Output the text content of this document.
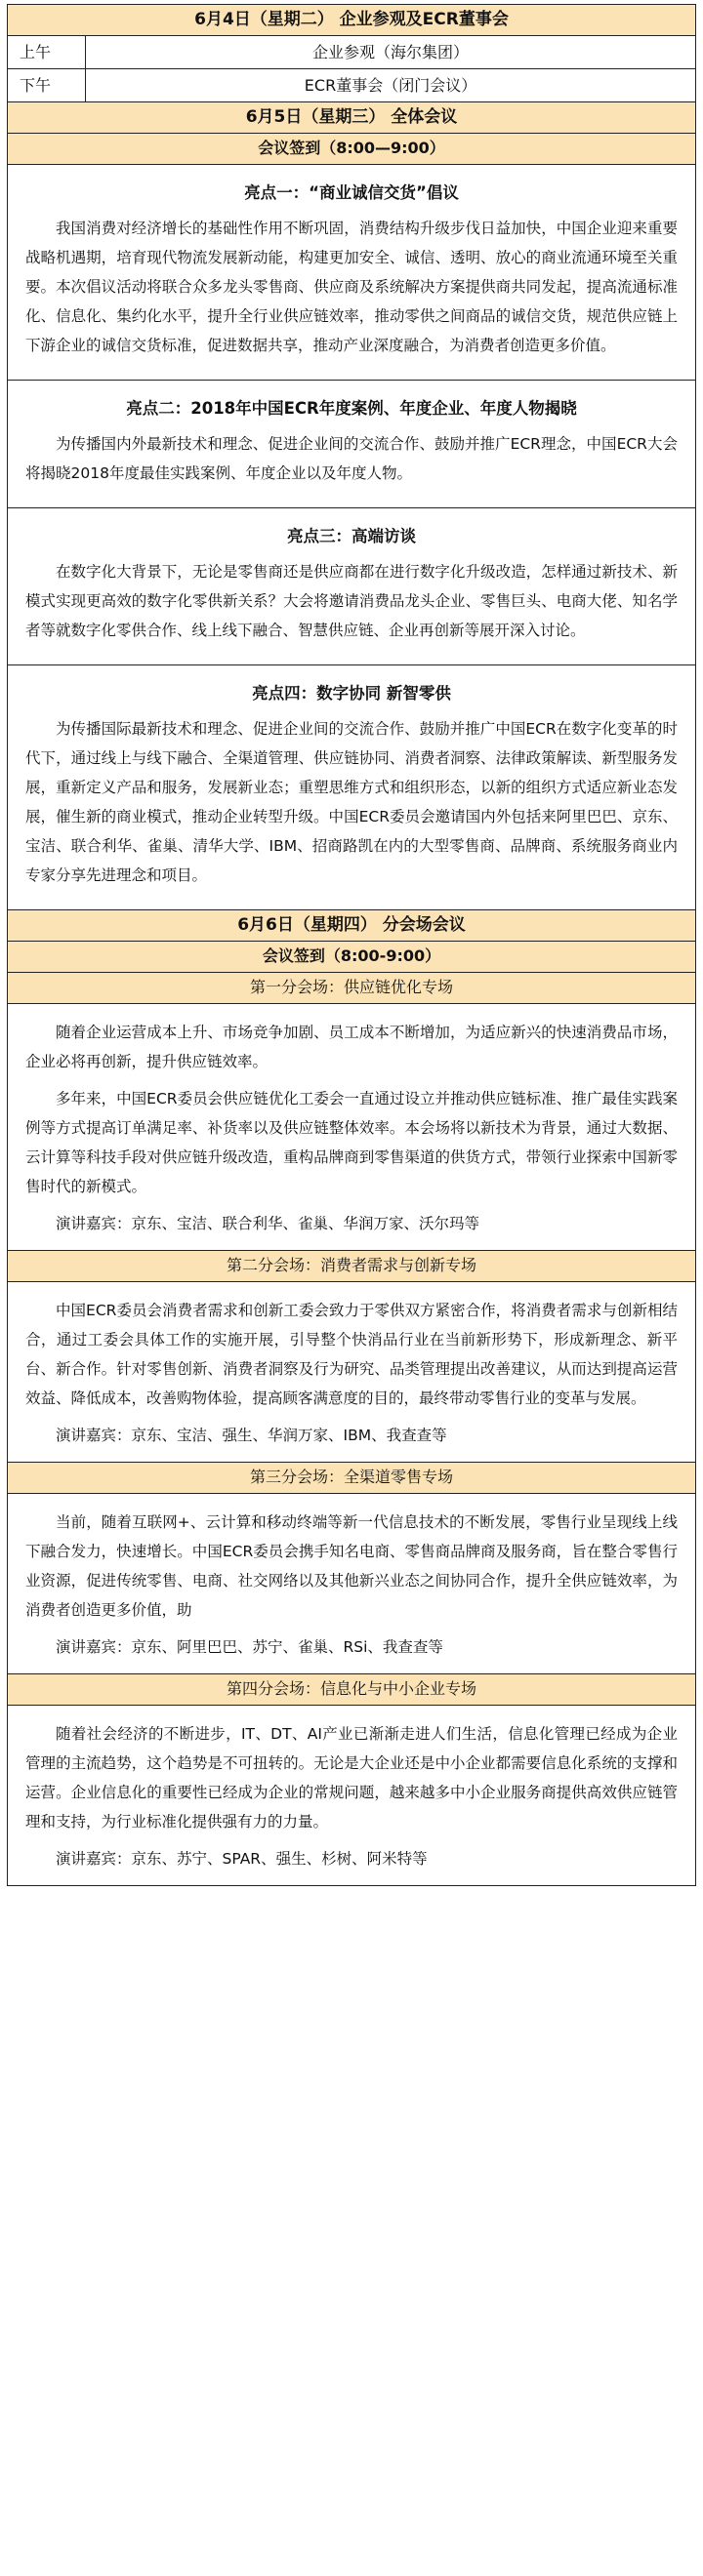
6月4日（星期二） 企业参观及ECR董事会
上午	企业参观（海尔集团）
下午	ECR董事会（闭门会议）
6月5日（星期三） 全体会议
会议签到（8:00—9:00）
亮点一：“商业诚信交货”倡议

我国消费对经济增长的基础性作用不断巩固，消费结构升级步伐日益加快，中国企业迎来重要战略机遇期，培育现代物流发展新动能，构建更加安全、诚信、透明、放心的商业流通环境至关重要。本次倡议活动将联合众多龙头零售商、供应商及系统解决方案提供商共同发起，提高流通标准化、信息化、集约化水平，提升全行业供应链效率，推动零供之间商品的诚信交货，规范供应链上下游企业的诚信交货标准，促进数据共享，推动产业深度融合，为消费者创造更多价值。

亮点二：2018年中国ECR年度案例、年度企业、年度人物揭晓

为传播国内外最新技术和理念、促进企业间的交流合作、鼓励并推广ECR理念，中国ECR大会将揭晓2018年度最佳实践案例、年度企业以及年度人物。

亮点三：高端访谈

在数字化大背景下，无论是零售商还是供应商都在进行数字化升级改造，怎样通过新技术、新模式实现更高效的数字化零供新关系？大会将邀请消费品龙头企业、零售巨头、电商大佬、知名学者等就数字化零供合作、线上线下融合、智慧供应链、企业再创新等展开深入讨论。

亮点四：数字协同 新智零供

为传播国际最新技术和理念、促进企业间的交流合作、鼓励并推广中国ECR在数字化变革的时代下，通过线上与线下融合、全渠道管理、供应链协同、消费者洞察、法律政策解读、新型服务发展，重新定义产品和服务，发展新业态；重塑思维方式和组织形态，以新的组织方式适应新业态发展，催生新的商业模式，推动企业转型升级。中国ECR委员会邀请国内外包括来阿里巴巴、京东、宝洁、联合利华、雀巢、清华大学、IBM、招商路凯在内的大型零售商、品牌商、系统服务商业内专家分享先进理念和项目。

6月6日（星期四） 分会场会议
会议签到（8:00-9:00）
第一分会场：供应链优化专场

随着企业运营成本上升、市场竞争加剧、员工成本不断增加，为适应新兴的快速消费品市场，企业必将再创新，提升供应链效率。

多年来，中国ECR委员会供应链优化工委会一直通过设立并推动供应链标准、推广最佳实践案例等方式提高订单满足率、补货率以及供应链整体效率。本会场将以新技术为背景，通过大数据、云计算等科技手段对供应链升级改造，重构品牌商到零售渠道的供货方式，带领行业探索中国新零售时代的新模式。

演讲嘉宾：京东、宝洁、联合利华、雀巢、华润万家、沃尔玛等
第二分会场：消费者需求与创新专场

中国ECR委员会消费者需求和创新工委会致力于零供双方紧密合作，将消费者需求与创新相结合，通过工委会具体工作的实施开展，引导整个快消品行业在当前新形势下，形成新理念、新平台、新合作。针对零售创新、消费者洞察及行为研究、品类管理提出改善建议，从而达到提高运营效益、降低成本，改善购物体验，提高顾客满意度的目的，最终带动零售行业的变革与发展。

演讲嘉宾：京东、宝洁、强生、华润万家、IBM、我查查等
第三分会场：全渠道零售专场

当前，随着互联网+、云计算和移动终端等新一代信息技术的不断发展，零售行业呈现线上线下融合发力，快速增长。中国ECR委员会携手知名电商、零售商品牌商及服务商，旨在整合零售行业资源，促进传统零售、电商、社交网络以及其他新兴业态之间协同合作，提升全供应链效率，为消费者创造更多价值，助

演讲嘉宾：京东、阿里巴巴、苏宁、雀巢、RSi、我查查等
第四分会场：信息化与中小企业专场

随着社会经济的不断进步，IT、DT、AI产业已渐渐走进人们生活，信息化管理已经成为企业管理的主流趋势，这个趋势是不可扭转的。无论是大企业还是中小企业都需要信息化系统的支撑和运营。企业信息化的重要性已经成为企业的常规问题，越来越多中小企业服务商提供高效供应链管理和支持，为行业标准化提供强有力的力量。

演讲嘉宾：京东、苏宁、SPAR、强生、杉树、阿米特等
